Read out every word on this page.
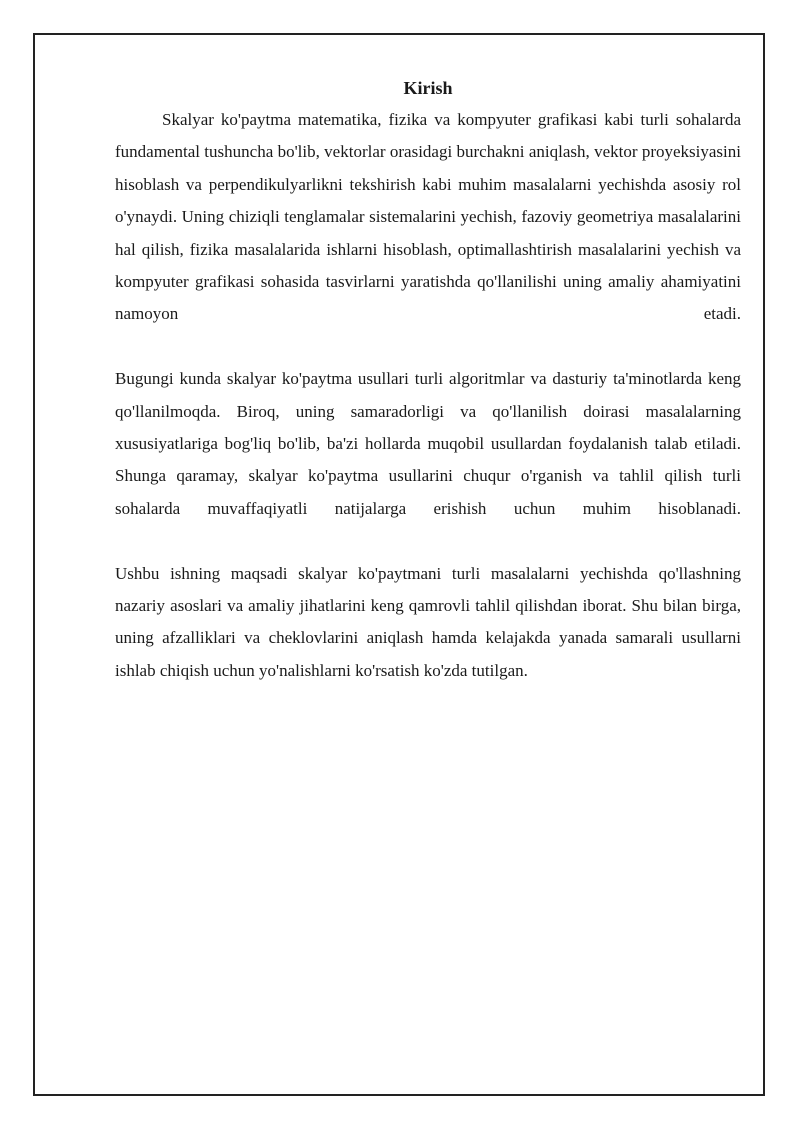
Kirish

Skalyar ko'paytma matematika, fizika va kompyuter grafikasi kabi turli sohalarda fundamental tushuncha bo'lib, vektorlar orasidagi burchakni aniqlash, vektor proyeksiyasini hisoblash va perpendikulyarlikni tekshirish kabi muhim masalalarni yechishda asosiy rol o'ynaydi. Uning chiziqli tenglamalar sistemalarini yechish, fazoviy geometriya masalalarini hal qilish, fizika masalalarida ishlarni hisoblash, optimallashtirish masalalarini yechish va kompyuter grafikasi sohasida tasvirlarni yaratishda qo'llanilishi uning amaliy ahamiyatini namoyon etadi.

Bugungi kunda skalyar ko'paytma usullari turli algoritmlar va dasturiy ta'minotlarda keng qo'llanilmoqda. Biroq, uning samaradorligi va qo'llanilish doirasi masalalarning xususiyatlariga bog'liq bo'lib, ba'zi hollarda muqobil usullardan foydalanish talab etiladi. Shunga qaramay, skalyar ko'paytma usullarini chuqur o'rganish va tahlil qilish turli sohalarda muvaffaqiyatli natijalarga erishish uchun muhim hisoblanadi.

Ushbu ishning maqsadi skalyar ko'paytmani turli masalalarni yechishda qo'llashning nazariy asoslari va amaliy jihatlarini keng qamrovli tahlil qilishdan iborat. Shu bilan birga, uning afzalliklari va cheklovlarini aniqlash hamda kelajakda yanada samarali usullarni ishlab chiqish uchun yo'nalishlarni ko'rsatish ko'zda tutilgan.
